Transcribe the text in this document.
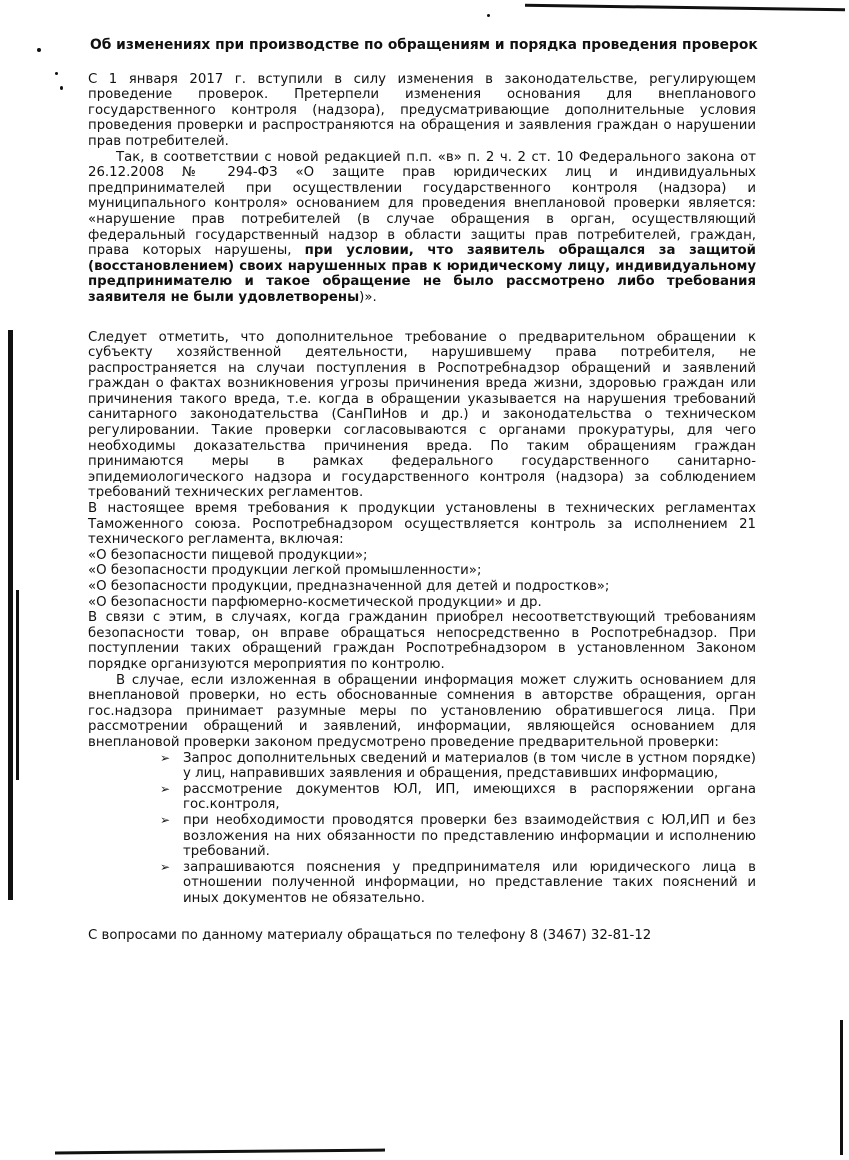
Об изменениях при производстве по обращениям и порядка проведения проверок

С 1 января 2017 г. вступили в силу изменения в законодательстве, регулирующем проведение проверок. Претерпели изменения основания для внепланового государственного контроля (надзора), предусматривающие дополнительные условия проведения проверки и распространяются на обращения и заявления граждан о нарушении прав потребителей.

Так, в соответствии с новой редакцией п.п. «в» п. 2 ч. 2 ст. 10 Федерального закона от 26.12.2008 № 294-ФЗ «О защите прав юридических лиц и индивидуальных предпринимателей при осуществлении государственного контроля (надзора) и муниципального контроля» основанием для проведения внеплановой проверки является: «нарушение прав потребителей (в случае обращения в орган, осуществляющий федеральный государственный надзор в области защиты прав потребителей, граждан, права которых нарушены, при условии, что заявитель обращался за защитой (восстановлением) своих нарушенных прав к юридическому лицу, индивидуальному предпринимателю и такое обращение не было рассмотрено либо требования заявителя не были удовлетворены)».

Следует отметить, что дополнительное требование о предварительном обращении к субъекту хозяйственной деятельности, нарушившему права потребителя, не распространяется на случаи поступления в Роспотребнадзор обращений и заявлений граждан о фактах возникновения угрозы причинения вреда жизни, здоровью граждан или причинения такого вреда, т.е. когда в обращении указывается на нарушения требований санитарного законодательства (СанПиНов и др.) и законодательства о техническом регулировании. Такие проверки согласовываются с органами прокуратуры, для чего необходимы доказательства причинения вреда. По таким обращениям граждан принимаются меры в рамках федерального государственного санитарно-эпидемиологического надзора и государственного контроля (надзора) за соблюдением требований технических регламентов.

В настоящее время требования к продукции установлены в технических регламентах Таможенного союза. Роспотребнадзором осуществляется контроль за исполнением 21 технического регламента, включая:

«О безопасности пищевой продукции»;
«О безопасности продукции легкой промышленности»;
«О безопасности продукции, предназначенной для детей и подростков»;
«О безопасности парфюмерно-косметической продукции» и др.

В связи с этим, в случаях, когда гражданин приобрел несоответствующий требованиям безопасности товар, он вправе обращаться непосредственно в Роспотребнадзор. При поступлении таких обращений граждан Роспотребнадзором в установленном Законом порядке организуются мероприятия по контролю.

В случае, если изложенная в обращении информация может служить основанием для внеплановой проверки, но есть обоснованные сомнения в авторстве обращения, орган гос.надзора принимает разумные меры по установлению обратившегося лица. При рассмотрении обращений и заявлений, информации, являющейся основанием для внеплановой проверки законом предусмотрено проведение предварительной проверки:

➢ Запрос дополнительных сведений и материалов (в том числе в устном порядке) у лиц, направивших заявления и обращения, представивших информацию,
➢ рассмотрение документов ЮЛ, ИП, имеющихся в распоряжении органа гос.контроля,
➢ при необходимости проводятся проверки без взаимодействия с ЮЛ,ИП и без возложения на них обязанности по представлению информации и исполнению требований.
➢ запрашиваются пояснения у предпринимателя или юридического лица в отношении полученной информации, но представление таких пояснений и иных документов не обязательно.

С вопросами по данному материалу обращаться по телефону 8 (3467) 32-81-12
